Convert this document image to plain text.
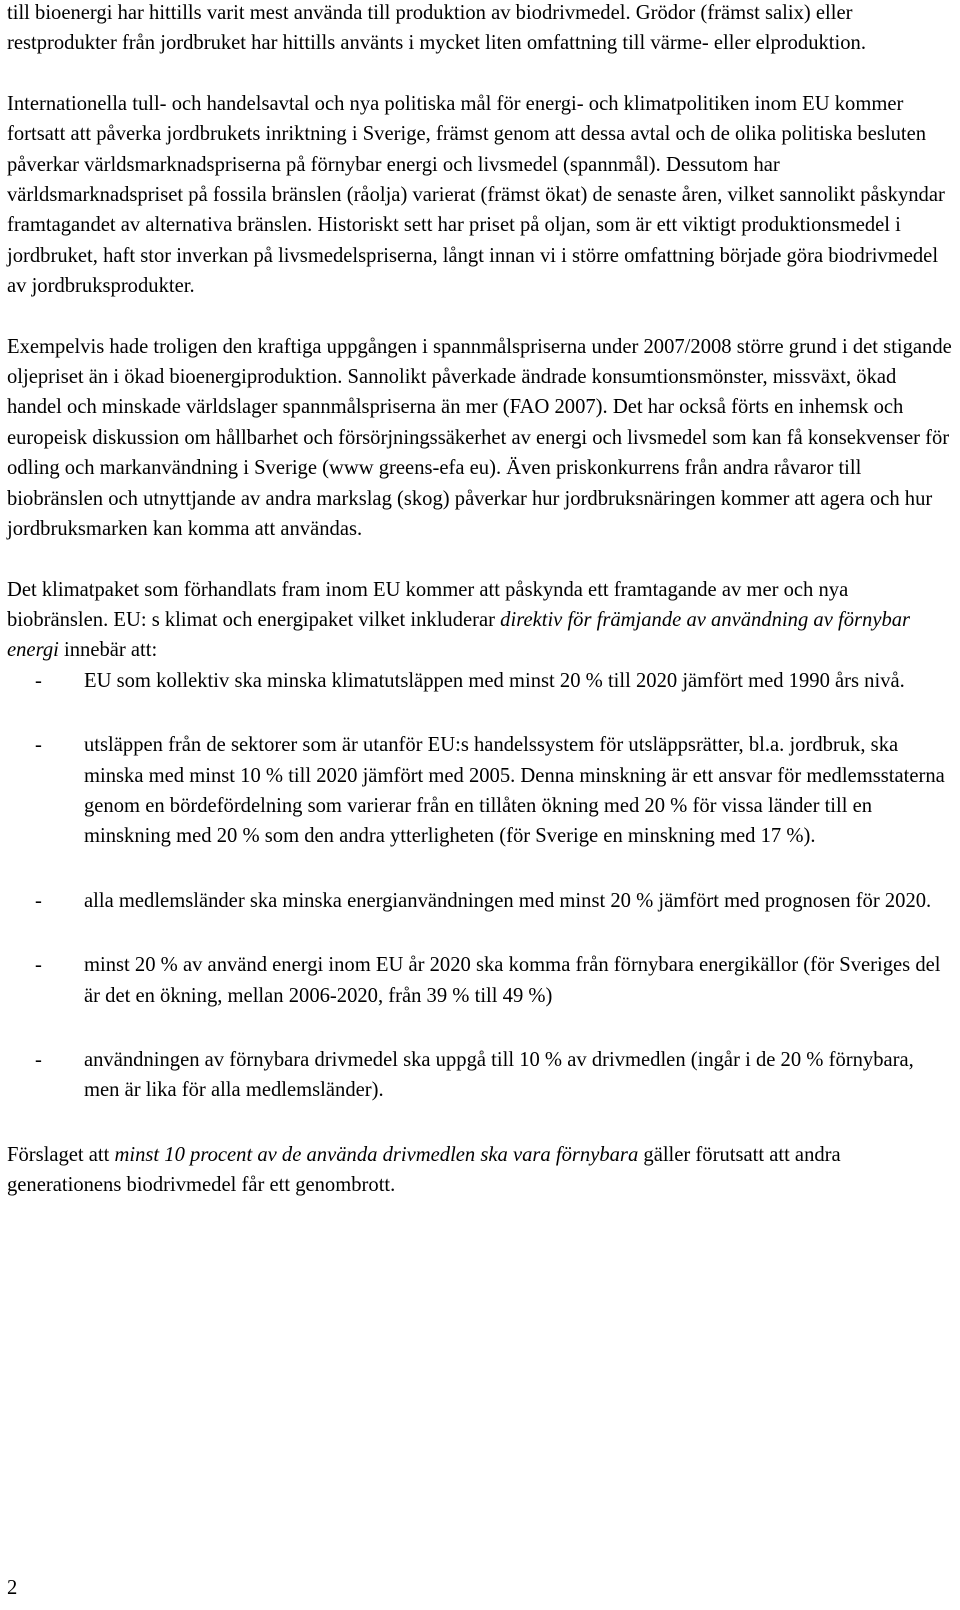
till bioenergi har hittills varit mest använda till produktion av biodrivmedel. Grödor (främst salix) eller restprodukter från jordbruket har hittills använts i mycket liten omfattning till värme- eller elproduktion.

Internationella tull- och handelsavtal och nya politiska mål för energi- och klimatpolitiken inom EU kommer fortsatt att påverka jordbrukets inriktning i Sverige, främst genom att dessa avtal och de olika politiska besluten påverkar världsmarknadspriserna på förnybar energi och livsmedel (spannmål). Dessutom har världsmarknadspriset på fossila bränslen (råolja) varierat (främst ökat) de senaste åren, vilket sannolikt påskyndar framtagandet av alternativa bränslen. Historiskt sett har priset på oljan, som är ett viktigt produktionsmedel i jordbruket, haft stor inverkan på livsmedelspriserna, långt innan vi i större omfattning började göra biodrivmedel av jordbruksprodukter.

Exempelvis hade troligen den kraftiga uppgången i spannmålspriserna under 2007/2008 större grund i det stigande oljepriset än i ökad bioenergiproduktion. Sannolikt påverkade ändrade konsumtionsmönster, missväxt, ökad handel och minskade världslager spannmålspriserna än mer (FAO 2007). Det har också förts en inhemsk och europeisk diskussion om hållbarhet och försörjningssäkerhet av energi och livsmedel som kan få konsekvenser för odling och markanvändning i Sverige (www greens-efa eu). Även priskonkurrens från andra råvaror till biobränslen och utnyttjande av andra markslag (skog) påverkar hur jordbruksnäringen kommer att agera och hur jordbruksmarken kan komma att användas.

Det klimatpaket som förhandlats fram inom EU kommer att påskynda ett framtagande av mer och nya biobränslen. EU: s klimat och energipaket vilket inkluderar direktiv för främjande av användning av förnybar energi innebär att:

- EU som kollektiv ska minska klimatutsläppen med minst 20 % till 2020 jämfört med 1990 års nivå.
- utsläppen från de sektorer som är utanför EU:s handelssystem för utsläppsrätter, bl.a. jordbruk, ska minska med minst 10 % till 2020 jämfört med 2005. Denna minskning är ett ansvar för medlemsstaterna genom en bördefördelning som varierar från en tillåten ökning med 20 % för vissa länder till en minskning med 20 % som den andra ytterligheten (för Sverige en minskning med 17 %).
- alla medlemsländer ska minska energianvändningen med minst 20 % jämfört med prognosen för 2020.
- minst 20 % av använd energi inom EU år 2020 ska komma från förnybara energikällor (för Sveriges del är det en ökning, mellan 2006-2020, från 39 % till 49 %)
- användningen av förnybara drivmedel ska uppgå till 10 % av drivmedlen (ingår i de 20 % förnybara, men är lika för alla medlemsländer).

Förslaget att minst 10 procent av de använda drivmedlen ska vara förnybara gäller förutsatt att andra generationens biodrivmedel får ett genombrott.

2
